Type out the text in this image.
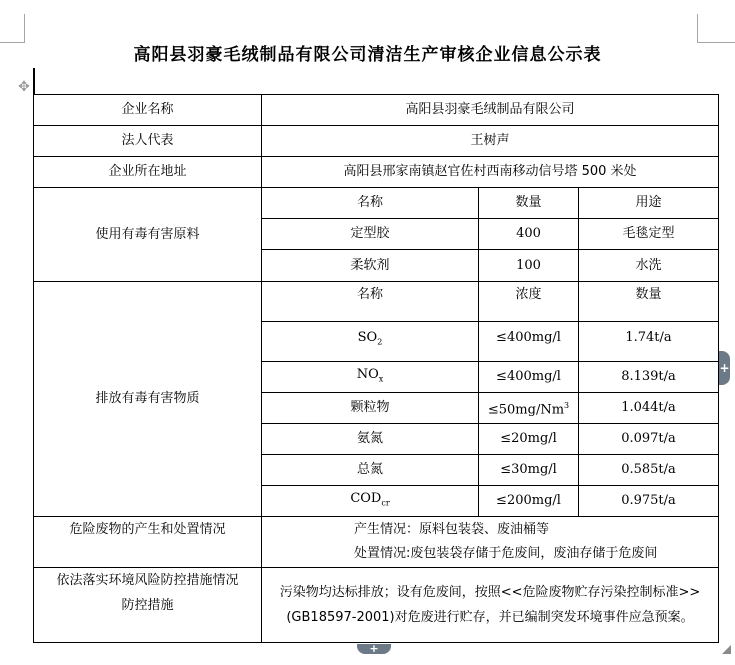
高阳县羽豪毛绒制品有限公司清洁生产审核企业信息公示表
✥
企业名称	高阳县羽豪毛绒制品有限公司		
法人代表	王树声		
企业所在地址	高阳县邢家南镇赵官佐村西南移动信号塔 500 米处		
使用有毒有害原料	名称	数量	用途
	定型胶	400	毛毯定型
	柔软剂	100	水洗
排放有毒有害物质	名称	浓度	数量
	$SO_2$	≤400mg/l	1.74t/a
	$NO_x$	≤400mg/l	8.139t/a
	颗粒物	$\le 50mg/Nm^3$	1.044t/a
	氨氮	≤20mg/l	0.097t/a
	总氮	≤30mg/l	0.585t/a
	$COD_{cr}$	≤200mg/l	0.975t/a
危险废物的产生和处置情况	产生情况：原料包装袋、废油桶等
处置情况:废包装袋存储于危废间，废油存储于危废间		

依法落实环境风险防控措施情况
防控措施	污染物均达标排放；设有危废间，按照<<危险废物贮存污染控制标准>>(GB18597-2001)对危废进行贮存，并已编制突发环境事件应急预案。		
+
+
